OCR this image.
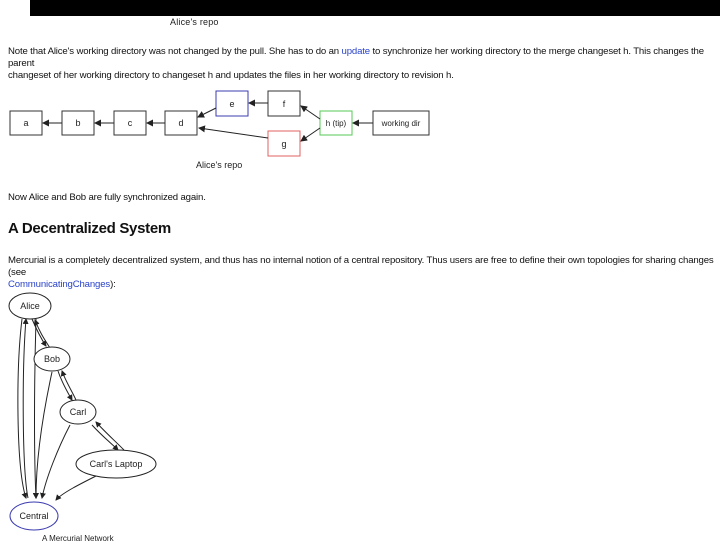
Alice's repo
Note that Alice's working directory was not changed by the pull. She has to do an update to synchronize her working directory to the merge changeset h. This changes the parent
changeset of her working directory to changeset h and updates the files in her working directory to revision h.
a	b	c	d
e	f
g
h (tip)	working dir
Alice's repo
Now Alice and Bob are fully synchronized again.
A Decentralized System
Mercurial is a completely decentralized system, and thus has no internal notion of a central repository. Thus users are free to define their own topologies for sharing changes (see
CommunicatingChanges):
Alice
Bob
Carl
Carl's Laptop
Central
A Mercurial Network
